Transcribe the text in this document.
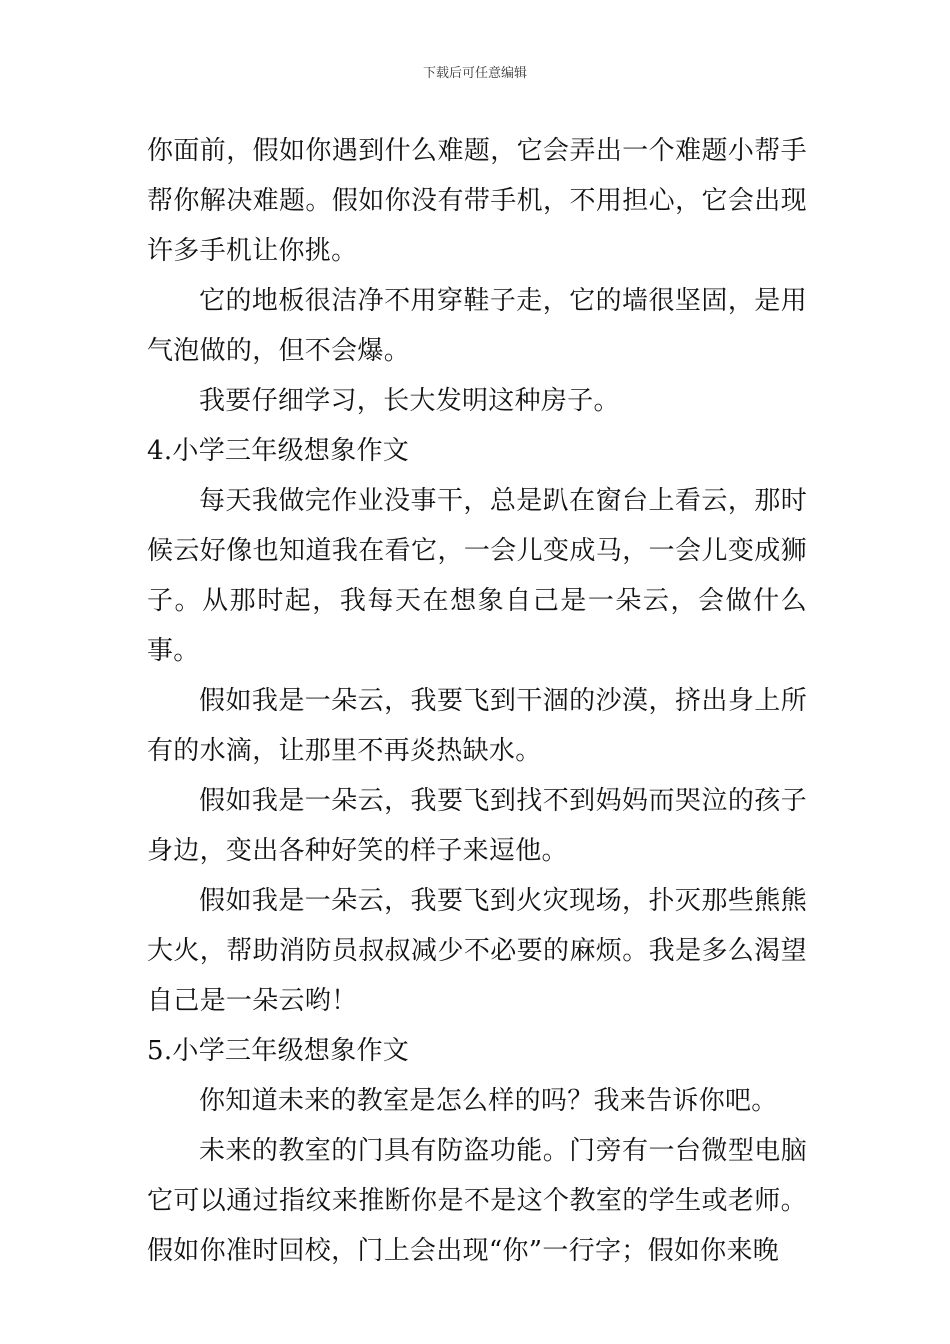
下载后可任意编辑

你面前，假如你遇到什么难题，它会弄出一个难题小帮手帮你解决难题。假如你没有带手机，不用担心，它会出现许多手机让你挑。

它的地板很洁净不用穿鞋子走，它的墙很坚固，是用气泡做的，但不会爆。

我要仔细学习，长大发明这种房子。

4.小学三年级想象作文

每天我做完作业没事干，总是趴在窗台上看云，那时候云好像也知道我在看它，一会儿变成马，一会儿变成狮子。从那时起，我每天在想象自己是一朵云，会做什么事。

假如我是一朵云，我要飞到干涸的沙漠，挤出身上所有的水滴，让那里不再炎热缺水。

假如我是一朵云，我要飞到找不到妈妈而哭泣的孩子身边，变出各种好笑的样子来逗他。

假如我是一朵云，我要飞到火灾现场，扑灭那些熊熊大火，帮助消防员叔叔减少不必要的麻烦。我是多么渴望自己是一朵云哟！

5.小学三年级想象作文

你知道未来的教室是怎么样的吗？我来告诉你吧。

未来的教室的门具有防盗功能。门旁有一台微型电脑它可以通过指纹来推断你是不是这个教室的学生或老师。假如你准时回校，门上会出现“你”一行字；假如你来晚
